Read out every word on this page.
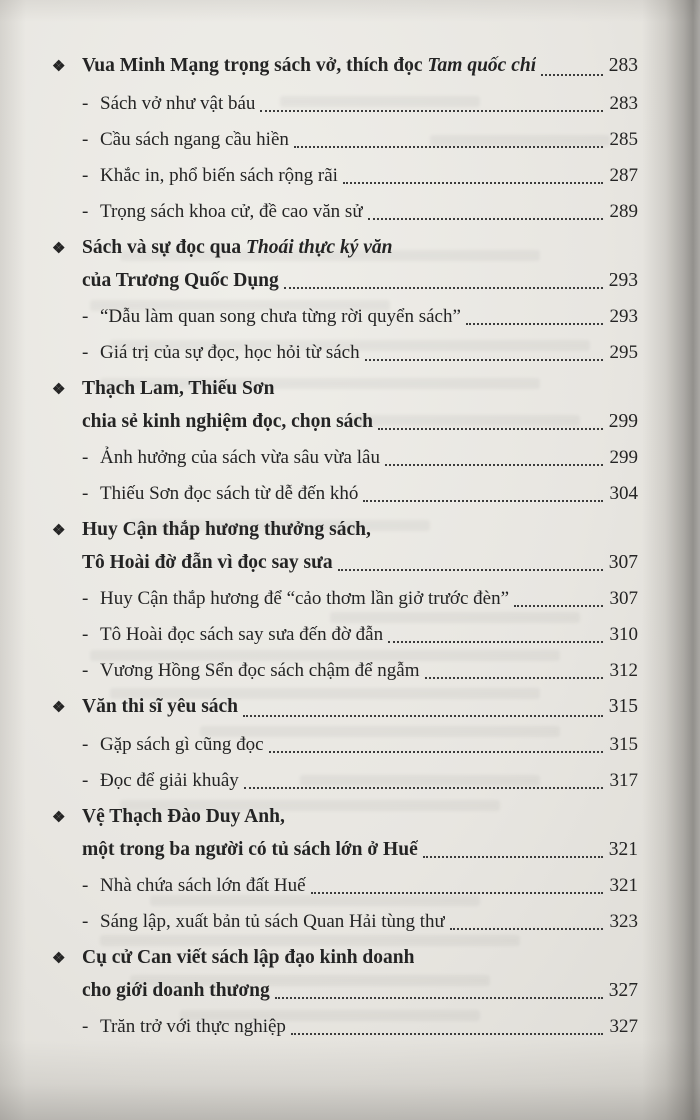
❖ Vua Minh Mạng trọng sách vở, thích đọc Tam quốc chí	283
- Sách vở như vật báu	283
- Cầu sách ngang cầu hiền	285
- Khắc in, phổ biến sách rộng rãi	287
- Trọng sách khoa cử, đề cao văn sử	289
❖ Sách và sự đọc qua Thoái thực ký văn
của Trương Quốc Dụng	293
- “Dẫu làm quan song chưa từng rời quyển sách”	293
- Giá trị của sự đọc, học hỏi từ sách	295
❖ Thạch Lam, Thiếu Sơn
chia sẻ kinh nghiệm đọc, chọn sách	299
- Ảnh hưởng của sách vừa sâu vừa lâu	299
- Thiếu Sơn đọc sách từ dễ đến khó	304
❖ Huy Cận thắp hương thưởng sách,
Tô Hoài đờ đẫn vì đọc say sưa	307
- Huy Cận thắp hương để “cảo thơm lần giở trước đèn”	307
- Tô Hoài đọc sách say sưa đến đờ đẫn	310
- Vương Hồng Sển đọc sách chậm để ngẫm	312
❖ Văn thi sĩ yêu sách	315
- Gặp sách gì cũng đọc	315
- Đọc để giải khuây	317
❖ Vệ Thạch Đào Duy Anh,
một trong ba người có tủ sách lớn ở Huế	321
- Nhà chứa sách lớn đất Huế	321
- Sáng lập, xuất bản tủ sách Quan Hải tùng thư	323
❖ Cụ cử Can viết sách lập đạo kinh doanh
cho giới doanh thương	327
- Trăn trở với thực nghiệp	327
